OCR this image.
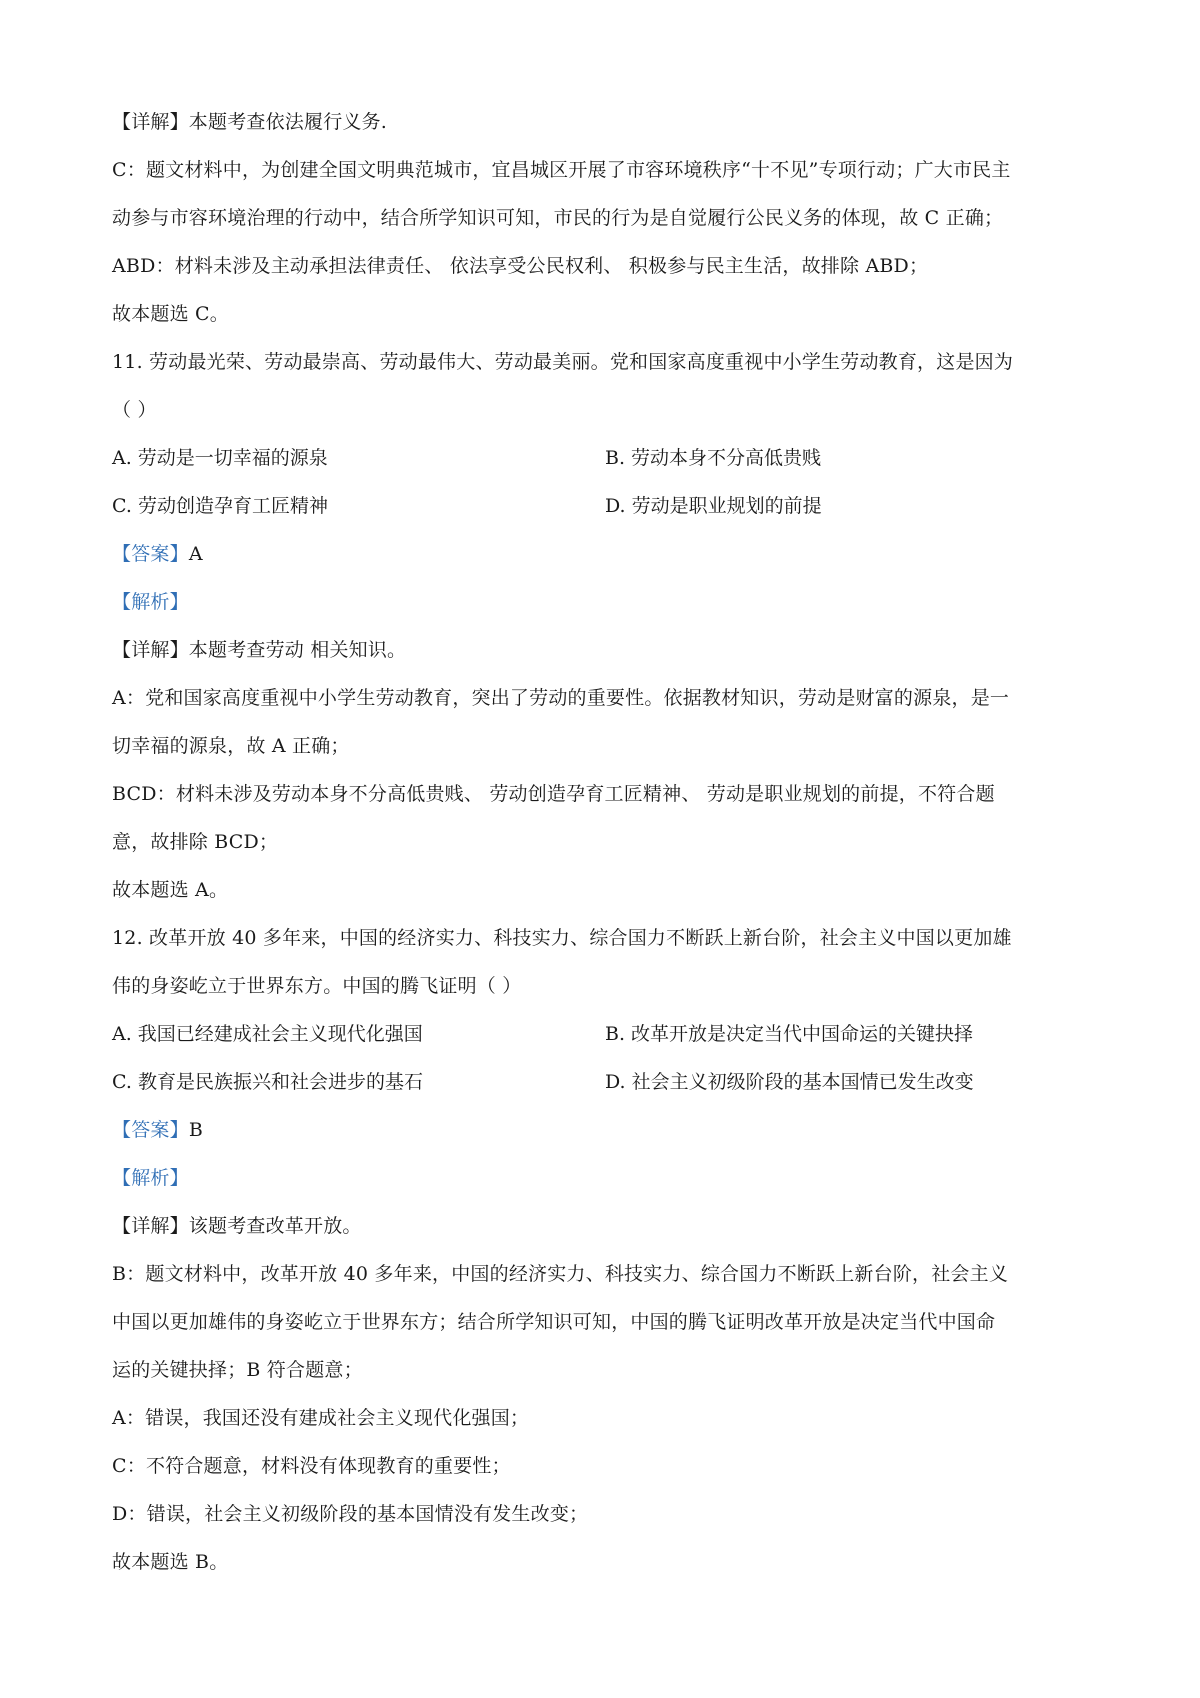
【详解】本题考查依法履行义务.
C：题文材料中，为创建全国文明典范城市，宜昌城区开展了市容环境秩序“十不见”专项行动；广大市民主
动参与市容环境治理的行动中，结合所学知识可知，市民的行为是自觉履行公民义务的体现，故 C 正确；
ABD：材料未涉及主动承担法律责任、 依法享受公民权利、 积极参与民主生活，故排除 ABD；
故本题选 C。
11. 劳动最光荣、劳动最崇高、劳动最伟大、劳动最美丽。党和国家高度重视中小学生劳动教育，这是因为
（ ）
A. 劳动是一切幸福的源泉	B. 劳动本身不分高低贵贱
C. 劳动创造孕育工匠精神	D. 劳动是职业规划的前提
【答案】A
【解析】
【详解】本题考查劳动 相关知识。
A：党和国家高度重视中小学生劳动教育，突出了劳动的重要性。依据教材知识，劳动是财富的源泉，是一
切幸福的源泉，故 A 正确；
BCD：材料未涉及劳动本身不分高低贵贱、 劳动创造孕育工匠精神、 劳动是职业规划的前提，不符合题
意，故排除 BCD；
故本题选 A。
12. 改革开放 40 多年来，中国的经济实力、科技实力、综合国力不断跃上新台阶，社会主义中国以更加雄
伟的身姿屹立于世界东方。中国的腾飞证明（ ）
A. 我国已经建成社会主义现代化强国	B. 改革开放是决定当代中国命运的关键抉择
C. 教育是民族振兴和社会进步的基石	D. 社会主义初级阶段的基本国情已发生改变
【答案】B
【解析】
【详解】该题考查改革开放。
B：题文材料中，改革开放 40 多年来，中国的经济实力、科技实力、综合国力不断跃上新台阶，社会主义
中国以更加雄伟的身姿屹立于世界东方；结合所学知识可知，中国的腾飞证明改革开放是决定当代中国命
运的关键抉择；B 符合题意；
A：错误，我国还没有建成社会主义现代化强国；
C：不符合题意，材料没有体现教育的重要性；
D：错误，社会主义初级阶段的基本国情没有发生改变；
故本题选 B。
